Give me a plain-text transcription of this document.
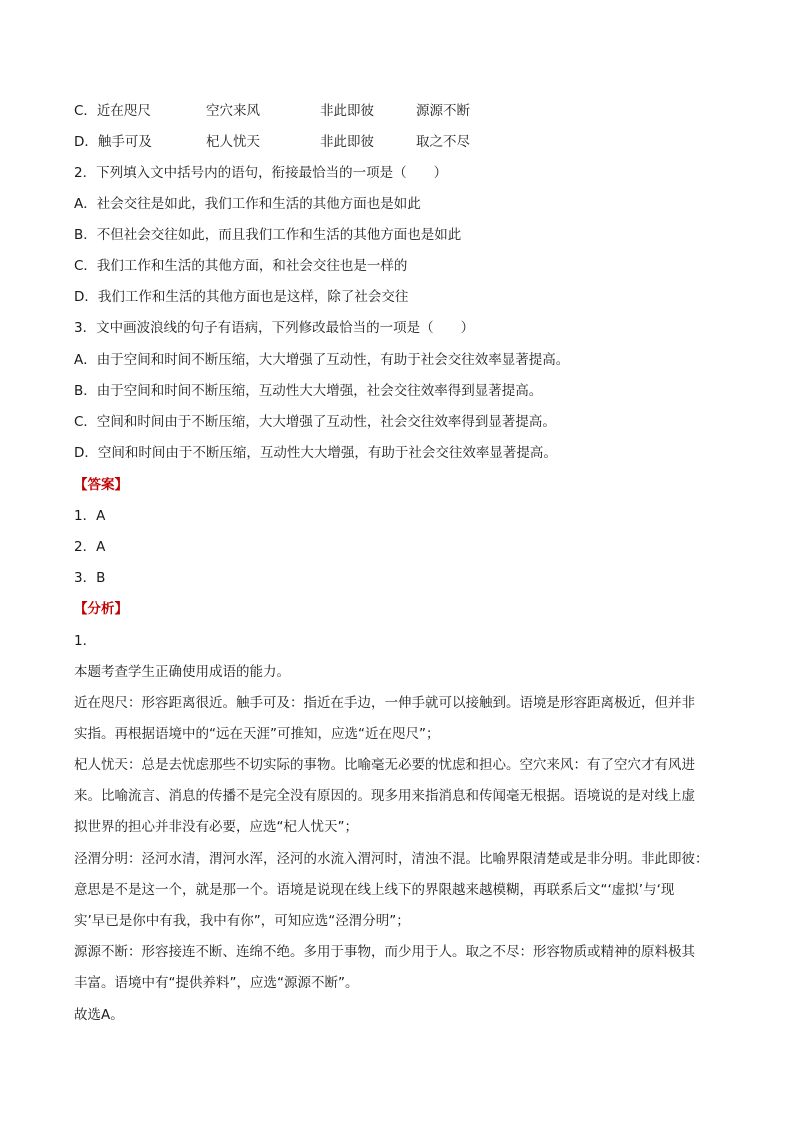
C．近在咫尺	空穴来风	非此即彼	源源不断
D．触手可及	杞人忧天	非此即彼	取之不尽
2．下列填入文中括号内的语句，衔接最恰当的一项是（　　）
A．社会交往是如此，我们工作和生活的其他方面也是如此
B．不但社会交往如此，而且我们工作和生活的其他方面也是如此
C．我们工作和生活的其他方面，和社会交往也是一样的
D．我们工作和生活的其他方面也是这样，除了社会交往
3．文中画波浪线的句子有语病，下列修改最恰当的一项是（　　）
A．由于空间和时间不断压缩，大大增强了互动性，有助于社会交往效率显著提高。
B．由于空间和时间不断压缩，互动性大大增强，社会交往效率得到显著提高。
C．空间和时间由于不断压缩，大大增强了互动性，社会交往效率得到显著提高。
D．空间和时间由于不断压缩，互动性大大增强，有助于社会交往效率显著提高。
【答案】
1．A
2．A
3．B
【分析】
1．
本题考查学生正确使用成语的能力。
近在咫尺：形容距离很近。触手可及：指近在手边，一伸手就可以接触到。语境是形容距离极近，但并非
实指。再根据语境中的“远在天涯”可推知，应选“近在咫尺”；
杞人忧天：总是去忧虑那些不切实际的事物。比喻毫无必要的忧虑和担心。空穴来风：有了空穴才有风进
来。比喻流言、消息的传播不是完全没有原因的。现多用来指消息和传闻毫无根据。语境说的是对线上虚
拟世界的担心并非没有必要，应选“杞人忧天”；
泾渭分明：泾河水清，渭河水浑，泾河的水流入渭河时，清浊不混。比喻界限清楚或是非分明。非此即彼：
意思是不是这一个，就是那一个。语境是说现在线上线下的界限越来越模糊，再联系后文“‘虚拟’与‘现
实’早已是你中有我，我中有你”，可知应选“泾渭分明”；
源源不断：形容接连不断、连绵不绝。多用于事物，而少用于人。取之不尽：形容物质或精神的原料极其
丰富。语境中有“提供养料”，应选“源源不断”。
故选A。
